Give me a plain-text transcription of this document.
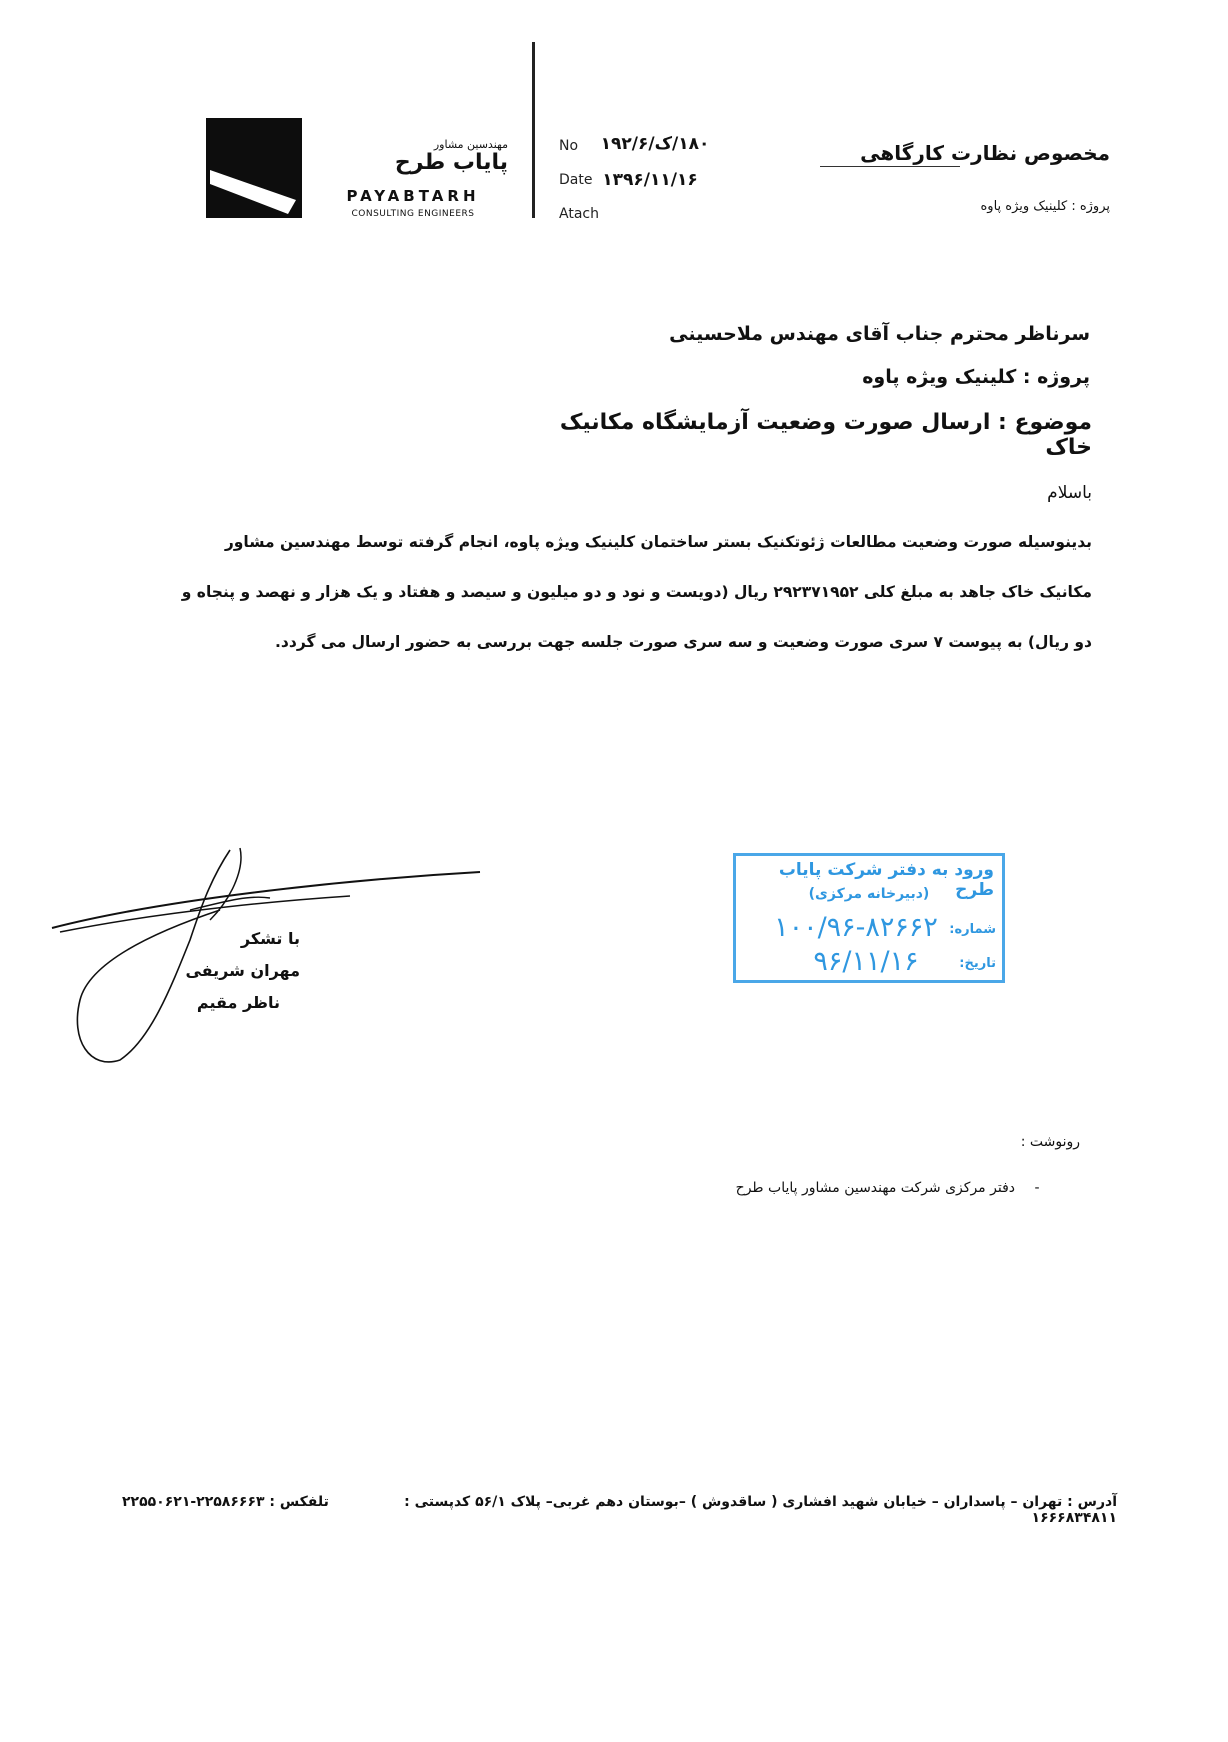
مهندسین مشاور
پایاب طرح
PAYABTARH
CONSULTING ENGINEERS
No ۱۸۰/ک/۱۹۲/۶
Date ۱۳۹۶/۱۱/۱۶
Atach
مخصوص نظارت کارگاهی
پروژه : کلینیک ویژه پاوه
سرناظر محترم جناب آقای مهندس ملاحسینی
پروژه : کلینیک ویژه پاوه
موضوع : ارسال صورت وضعیت آزمایشگاه مکانیک خاک
باسلام
بدینوسیله صورت وضعیت مطالعات ژئوتکنیک بستر ساختمان کلینیک ویژه پاوه، انجام گرفته توسط مهندسین مشاور
مکانیک خاک جاهد به مبلغ کلی ۲۹۲۳۷۱۹۵۲ ریال (دویست و نود و دو میلیون و سیصد و هفتاد و یک هزار و نهصد و پنجاه و
دو ریال) به پیوست ۷ سری صورت وضعیت و سه سری صورت جلسه جهت بررسی به حضور ارسال می گردد.
با تشکر
مهران شریفی
ناظر مقیم
ورود به دفتر شرکت پایاب طرح
(دبیرخانه مرکزی)
شماره:
۱۰۰/۹۶-۸۲۶۶۲
تاریخ:
۹۶/۱۱/۱۶
رونوشت :
-
دفتر مرکزی شرکت مهندسین مشاور پایاب طرح
آدرس : تهران – پاسداران – خیابان شهید افشاری ( ساقدوش ) –بوستان دهم غربی– پلاک ۵۶/۱ کدپستی : ۱۶۶۶۸۳۴۸۱۱
تلفکس : ۲۲۵۸۶۶۶۳-۲۲۵۵۰۶۲۱
